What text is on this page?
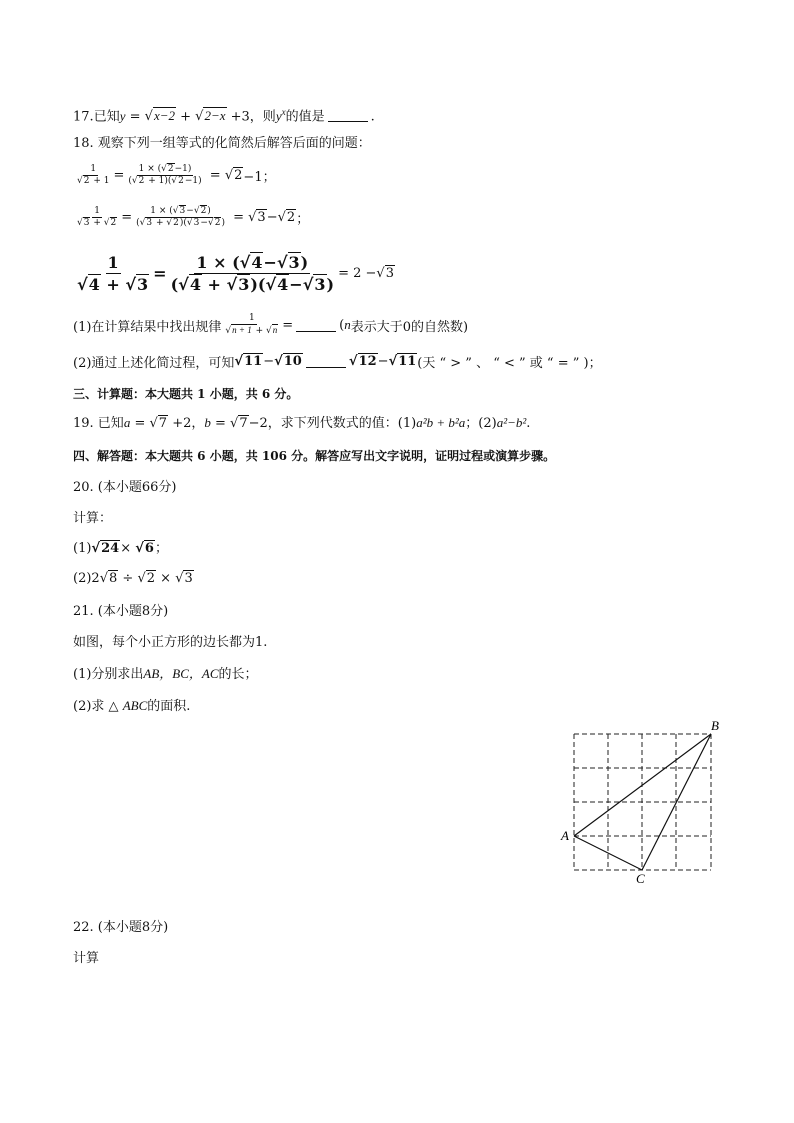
17.已知y = √x−2 + √2−x +3，则$y^x$的值是	.
18. 观察下列一组等式的化简然后解答后面的问题：
$\frac{1}{√2 + 1} = \frac{1 \times (√2-1)}{(√2 + 1)(√2-1)} = √2 -1$；
$\frac{1}{√3 + √2} = \frac{1 \times (√3-√2)}{(√3 + √2)(√3-√2)} = √3 - √2$ ；
$\frac{1}{√4 + √3} = \frac{1 \times (√4-√3)}{(√4 + √3)(√4-√3)} = 2 - √3$
(1)在计算结果中找出规律 $\frac{1}{√n + 1 + √n}$ =	( n 表示大于0的自然数)
(2)通过上述化简过程，可知 √11 − √10	√12 − √11 (天 “ > ” 、 “ < ” 或 “ = ” )；
三、计算题：本大题共 1 小题，共 6 分。
19. 已知a = √7 +2，b = √7−2，求下列代数式的值：(1)a²b + b²a；(2)a²−b².
四、解答题：本大题共 6 小题，共 106 分。解答应写出文字说明，证明过程或演算步骤。
20. (本小题66分)
计算：
(1)√24× √6；
(2)2√8 ÷ √2 × √3
21. (本小题8分)
如图，每个小正方形的边长都为1.
(1)分别求出AB，BC，AC的长；
(2)求 △ ABC的面积.
A
B
C
22. (本小题8分)
计算
